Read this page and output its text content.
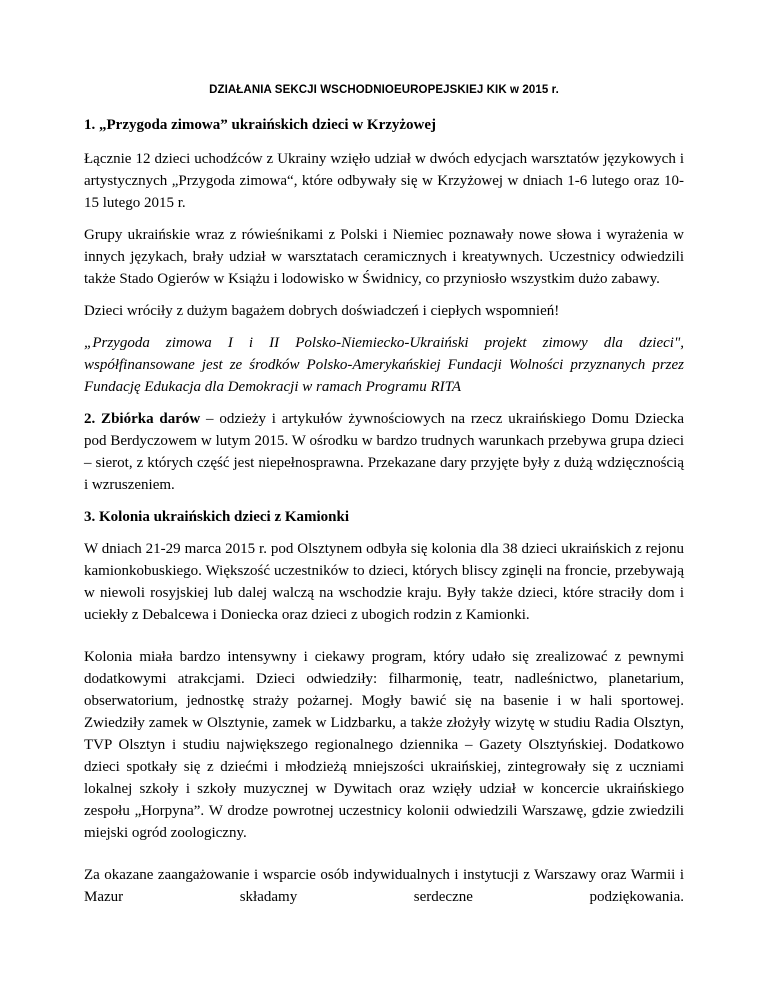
DZIAŁANIA SEKCJI WSCHODNIOEUROPEJSKIEJ KIK w 2015 r.
1. „Przygoda zimowa” ukraińskich dzieci w Krzyżowej

Łącznie 12 dzieci uchodźców z Ukrainy wzięło udział w dwóch edycjach warsztatów językowych i artystycznych „Przygoda zimowa“, które odbywały się w Krzyżowej w dniach 1-6 lutego oraz 10-15 lutego 2015 r.

Grupy ukraińskie wraz z rówieśnikami z Polski i Niemiec poznawały nowe słowa i wyrażenia w innych językach, brały udział w warsztatach ceramicznych i kreatywnych. Uczestnicy odwiedzili także Stado Ogierów w Książu i lodowisko w Świdnicy, co przyniosło wszystkim dużo zabawy.

Dzieci wróciły z dużym bagażem dobrych doświadczeń i ciepłych wspomnień!

„Przygoda zimowa I i II Polsko-Niemiecko-Ukraiński projekt zimowy dla dzieci", współfinansowane jest ze środków Polsko-Amerykańskiej Fundacji Wolności przyznanych przez Fundację Edukacja dla Demokracji w ramach Programu RITA

2. Zbiórka darów – odzieży i artykułów żywnościowych na rzecz ukraińskiego Domu Dziecka pod Berdyczowem w lutym 2015. W ośrodku w bardzo trudnych warunkach przebywa grupa dzieci – sierot, z których część jest niepełnosprawna. Przekazane dary przyjęte były z dużą wdzięcznością i wzruszeniem.

3. Kolonia ukraińskich dzieci z Kamionki

W dniach 21-29 marca 2015 r. pod Olsztynem odbyła się kolonia dla 38 dzieci ukraińskich z rejonu kamionkobuskiego. Większość uczestników to dzieci, których bliscy zginęli na froncie, przebywają w niewoli rosyjskiej lub dalej walczą na wschodzie kraju. Były także dzieci, które straciły dom i uciekły z Debalcewa i Doniecka oraz dzieci z ubogich rodzin z Kamionki.

Kolonia miała bardzo intensywny i ciekawy program, który udało się zrealizować z pewnymi dodatkowymi atrakcjami. Dzieci odwiedziły: filharmonię, teatr, nadleśnictwo, planetarium, obserwatorium, jednostkę straży pożarnej. Mogły bawić się na basenie i w hali sportowej. Zwiedziły zamek w Olsztynie, zamek w Lidzbarku, a także złożyły wizytę w studiu Radia Olsztyn, TVP Olsztyn i studiu największego regionalnego dziennika – Gazety Olsztyńskiej. Dodatkowo dzieci spotkały się z dziećmi i młodzieżą mniejszości ukraińskiej, zintegrowały się z uczniami lokalnej szkoły i szkoły muzycznej w Dywitach oraz wzięły udział w koncercie ukraińskiego zespołu „Horpyna”. W drodze powrotnej uczestnicy kolonii odwiedzili Warszawę, gdzie zwiedzili miejski ogród zoologiczny.

Za okazane zaangażowanie i wsparcie osób indywidualnych i instytucji z Warszawy oraz Warmii i Mazur składamy serdeczne podziękowania.
